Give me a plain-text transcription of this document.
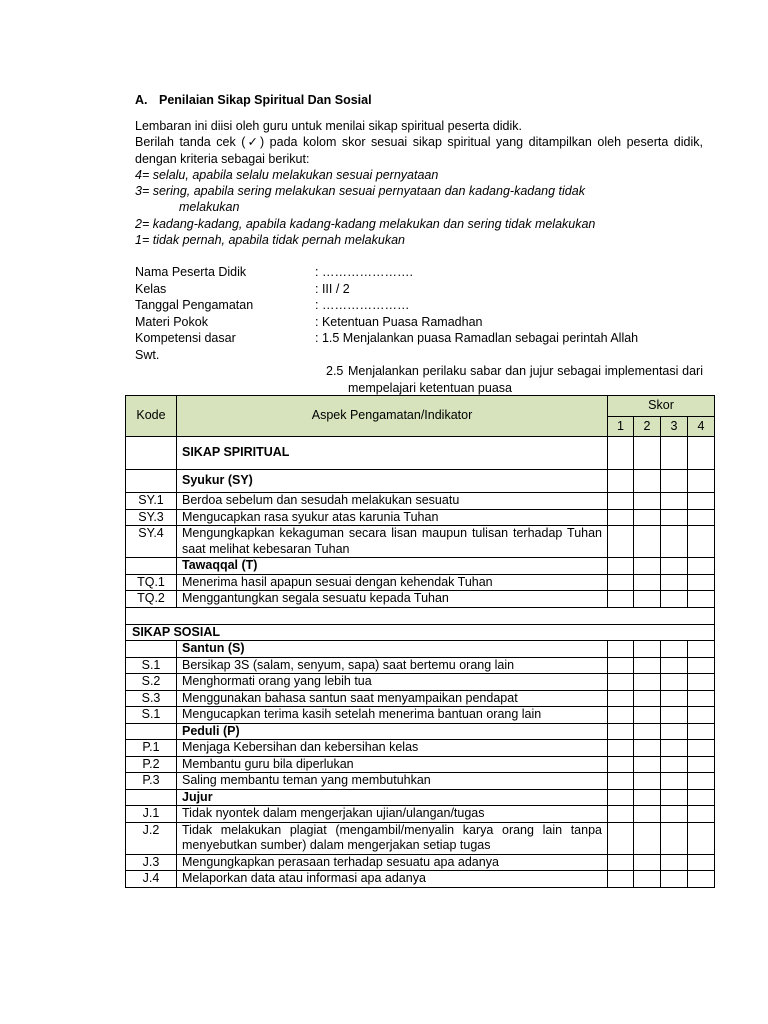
A. Penilaian Sikap Spiritual Dan Sosial

Lembaran ini diisi oleh guru untuk menilai sikap spiritual peserta didik.

Berilah tanda cek (✓) pada kolom skor sesuai sikap spiritual yang ditampilkan oleh peserta didik, dengan kriteria sebagai berikut:

4= selalu, apabila selalu melakukan sesuai pernyataan

3= sering, apabila sering melakukan sesuai pernyataan dan kadang-kadang tidak

melakukan

2= kadang-kadang, apabila kadang-kadang melakukan dan sering tidak melakukan

1= tidak pernah, apabila tidak pernah melakukan

Nama Peserta Didik	: ………………….
Kelas	: III / 2
Tanggal Pengamatan	: …………………
Materi Pokok	: Ketentuan Puasa Ramadhan
Kompetensi dasar	: 1.5 Menjalankan puasa Ramadlan sebagai perintah Allah
Swt.
2.5 Menjalankan perilaku sabar dan jujur sebagai implementasi dari mempelajari ketentuan puasa
Kode	Aspek Pengamatan/Indikator	Skor			
		1	2	3	4
	SIKAP SPIRITUAL				
	Syukur (SY)				
SY.1	Berdoa sebelum dan sesudah melakukan sesuatu				
SY.3	Mengucapkan rasa syukur atas karunia Tuhan				
SY.4	Mengungkapkan kekaguman secara lisan maupun tulisan terhadap Tuhan saat melihat kebesaran Tuhan				
	Tawaqqal (T)				
TQ.1	Menerima hasil apapun sesuai dengan kehendak Tuhan				
TQ.2	Menggantungkan segala sesuatu kepada Tuhan				

SIKAP SOSIAL					
	Santun (S)				
S.1	Bersikap 3S (salam, senyum, sapa) saat bertemu orang lain				
S.2	Menghormati orang yang lebih tua				
S.3	Menggunakan bahasa santun saat menyampaikan pendapat				
S.1	Mengucapkan terima kasih setelah menerima bantuan orang lain				
	Peduli (P)				
P.1	Menjaga Kebersihan dan kebersihan kelas				
P.2	Membantu guru bila diperlukan				
P.3	Saling membantu teman yang membutuhkan				
	Jujur				
J.1	Tidak nyontek dalam mengerjakan ujian/ulangan/tugas				
J.2	Tidak melakukan plagiat (mengambil/menyalin karya orang lain tanpa menyebutkan sumber) dalam mengerjakan setiap tugas				
J.3	Mengungkapkan perasaan terhadap sesuatu apa adanya				
J.4	Melaporkan data atau informasi apa adanya				
